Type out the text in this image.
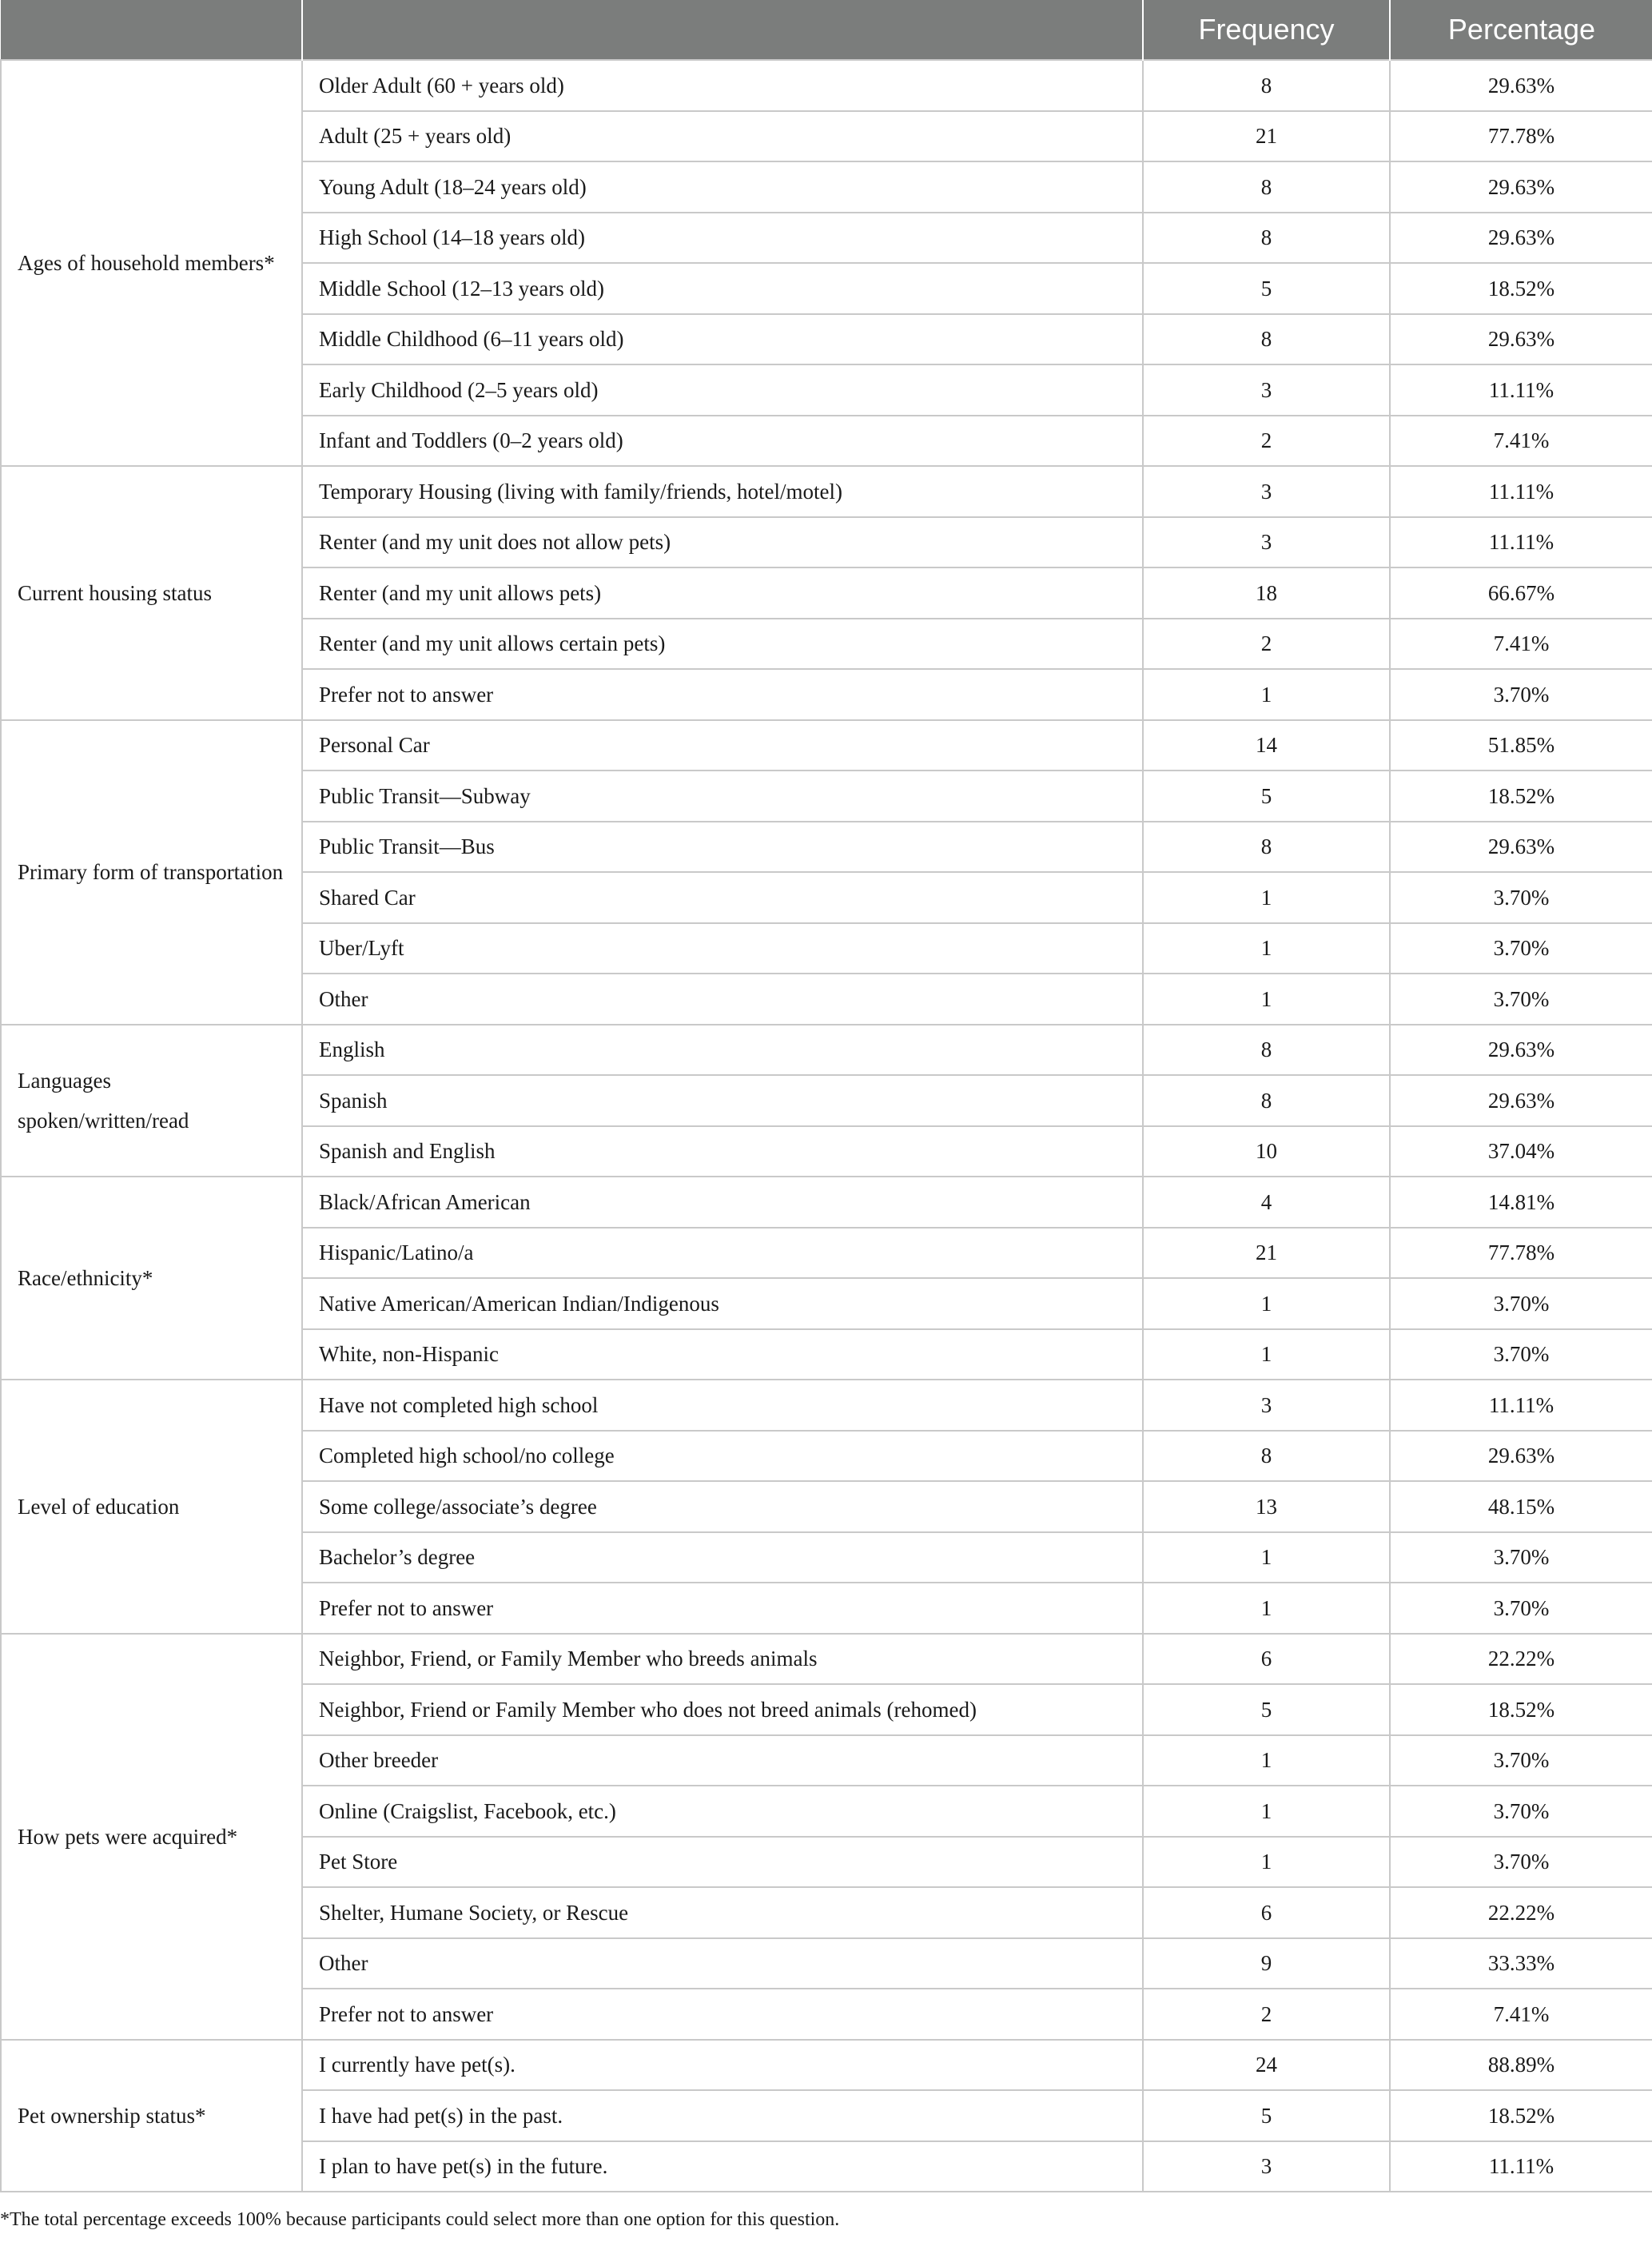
		Frequency	Percentage
Ages of household members*	Older Adult (60 + years old)	8	29.63%
	Adult (25 + years old)	21	77.78%
	Young Adult (18–24 years old)	8	29.63%
	High School (14–18 years old)	8	29.63%
	Middle School (12–13 years old)	5	18.52%
	Middle Childhood (6–11 years old)	8	29.63%
	Early Childhood (2–5 years old)	3	11.11%
	Infant and Toddlers (0–2 years old)	2	7.41%
Current housing status	Temporary Housing (living with family/friends, hotel/motel)	3	11.11%
	Renter (and my unit does not allow pets)	3	11.11%
	Renter (and my unit allows pets)	18	66.67%
	Renter (and my unit allows certain pets)	2	7.41%
	Prefer not to answer	1	3.70%
Primary form of transportation	Personal Car	14	51.85%
	Public Transit—Subway	5	18.52%
	Public Transit—Bus	8	29.63%
	Shared Car	1	3.70%
	Uber/Lyft	1	3.70%
	Other	1	3.70%
Languages spoken/written/read	English	8	29.63%
	Spanish	8	29.63%
	Spanish and English	10	37.04%
Race/ethnicity*	Black/African American	4	14.81%
	Hispanic/Latino/a	21	77.78%
	Native American/American Indian/Indigenous	1	3.70%
	White, non-Hispanic	1	3.70%
Level of education	Have not completed high school	3	11.11%
	Completed high school/no college	8	29.63%
	Some college/associate’s degree	13	48.15%
	Bachelor’s degree	1	3.70%
	Prefer not to answer	1	3.70%
How pets were acquired*	Neighbor, Friend, or Family Member who breeds animals	6	22.22%
	Neighbor, Friend or Family Member who does not breed animals (rehomed)	5	18.52%
	Other breeder	1	3.70%
	Online (Craigslist, Facebook, etc.)	1	3.70%
	Pet Store	1	3.70%
	Shelter, Humane Society, or Rescue	6	22.22%
	Other	9	33.33%
	Prefer not to answer	2	7.41%
Pet ownership status*	I currently have pet(s).	24	88.89%
	I have had pet(s) in the past.	5	18.52%
	I plan to have pet(s) in the future.	3	11.11%
*The total percentage exceeds 100% because participants could select more than one option for this question.
